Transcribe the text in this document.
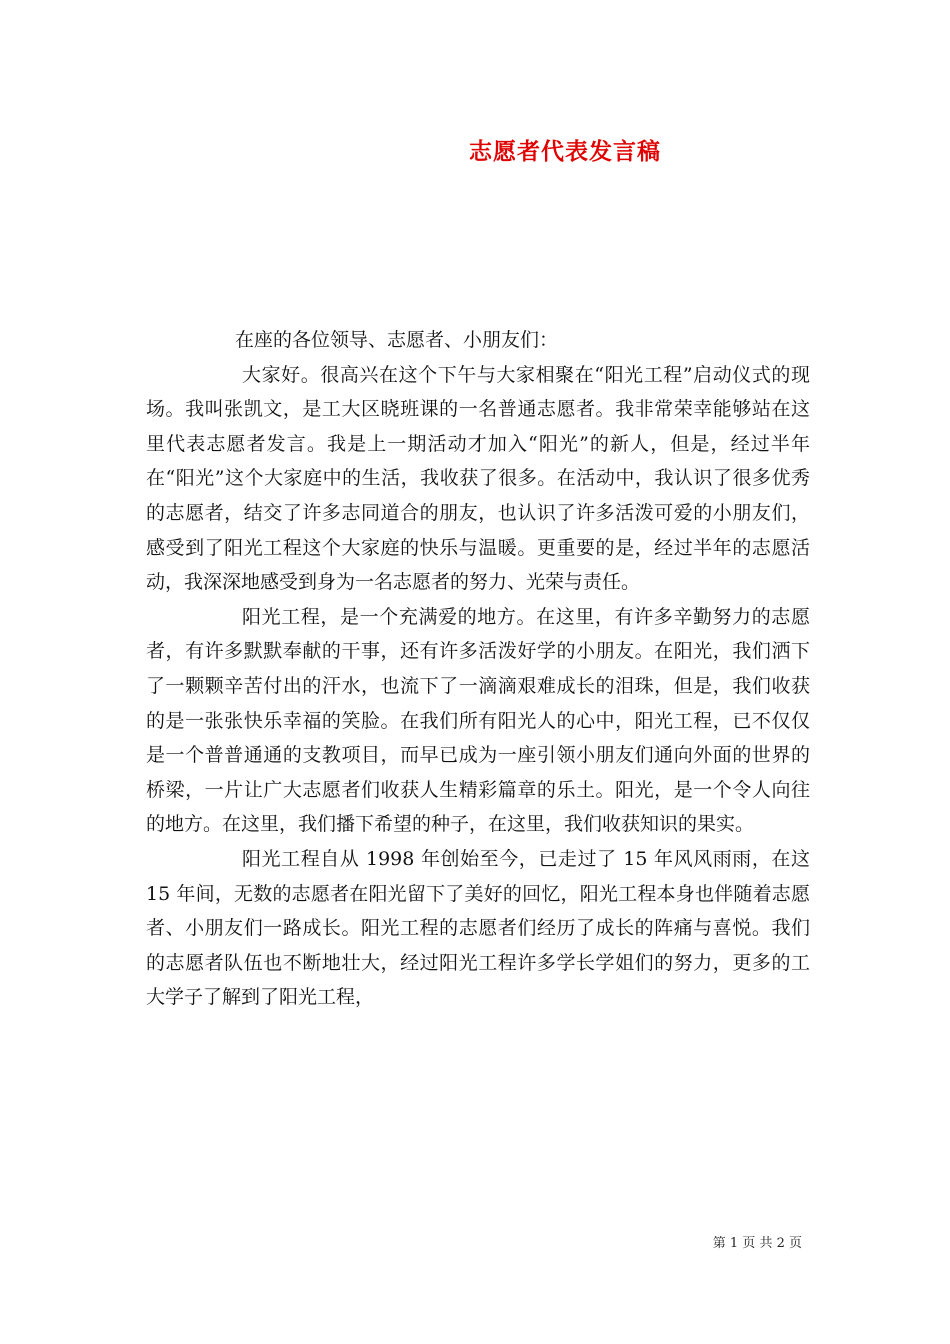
志愿者代表发言稿

在座的各位领导、志愿者、小朋友们：

大家好。很高兴在这个下午与大家相聚在“阳光工程”启动仪式的现场。我叫张凯文，是工大区晓班课的一名普通志愿者。我非常荣幸能够站在这里代表志愿者发言。我是上一期活动才加入“阳光”的新人，但是，经过半年在“阳光”这个大家庭中的生活，我收获了很多。在活动中，我认识了很多优秀的志愿者，结交了许多志同道合的朋友，也认识了许多活泼可爱的小朋友们，感受到了阳光工程这个大家庭的快乐与温暖。更重要的是，经过半年的志愿活动，我深深地感受到身为一名志愿者的努力、光荣与责任。

阳光工程，是一个充满爱的地方。在这里，有许多辛勤努力的志愿者，有许多默默奉献的干事，还有许多活泼好学的小朋友。在阳光，我们洒下了一颗颗辛苦付出的汗水，也流下了一滴滴艰难成长的泪珠，但是，我们收获的是一张张快乐幸福的笑脸。在我们所有阳光人的心中，阳光工程，已不仅仅是一个普普通通的支教项目，而早已成为一座引领小朋友们通向外面的世界的桥梁，一片让广大志愿者们收获人生精彩篇章的乐土。阳光，是一个令人向往的地方。在这里，我们播下希望的种子，在这里，我们收获知识的果实。

阳光工程自从 1998 年创始至今，已走过了 15 年风风雨雨，在这 15 年间，无数的志愿者在阳光留下了美好的回忆，阳光工程本身也伴随着志愿者、小朋友们一路成长。阳光工程的志愿者们经历了成长的阵痛与喜悦。我们的志愿者队伍也不断地壮大，经过阳光工程许多学长学姐们的努力，更多的工大学子了解到了阳光工程，

第 1 页 共 2 页
